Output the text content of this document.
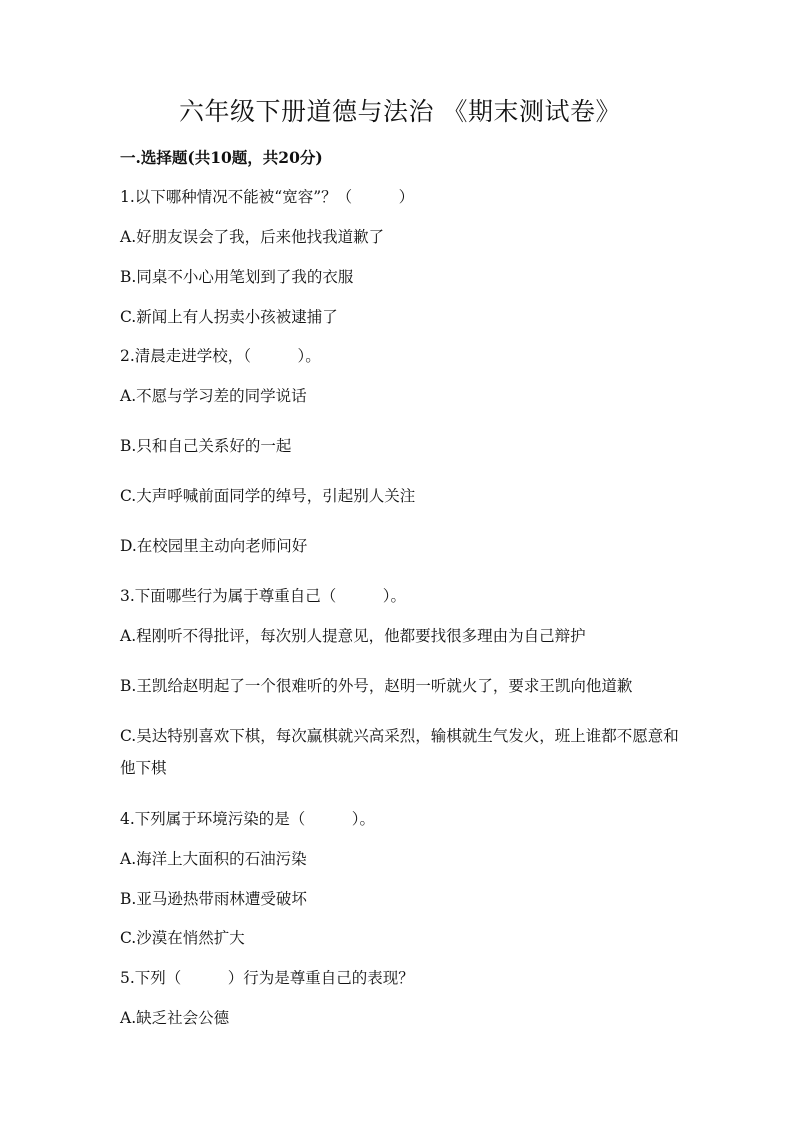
六年级下册道德与法治 《期末测试卷》
一.选择题(共10题，共20分)
1.以下哪种情况不能被“宽容”？（　　　）
A.好朋友误会了我，后来他找我道歉了
B.同桌不小心用笔划到了我的衣服
C.新闻上有人拐卖小孩被逮捕了
2.清晨走进学校，（　　　）。
A.不愿与学习差的同学说话
B.只和自己关系好的一起
C.大声呼喊前面同学的绰号，引起别人关注
D.在校园里主动向老师问好
3.下面哪些行为属于尊重自己（　　　）。
A.程刚听不得批评，每次别人提意见，他都要找很多理由为自己辩护
B.王凯给赵明起了一个很难听的外号，赵明一听就火了，要求王凯向他道歉
C.吴达特别喜欢下棋，每次赢棋就兴高采烈，输棋就生气发火，班上谁都不愿意和他下棋
4.下列属于环境污染的是（　　　）。
A.海洋上大面积的石油污染
B.亚马逊热带雨林遭受破坏
C.沙漠在悄然扩大
5.下列（　　　）行为是尊重自己的表现？
A.缺乏社会公德
